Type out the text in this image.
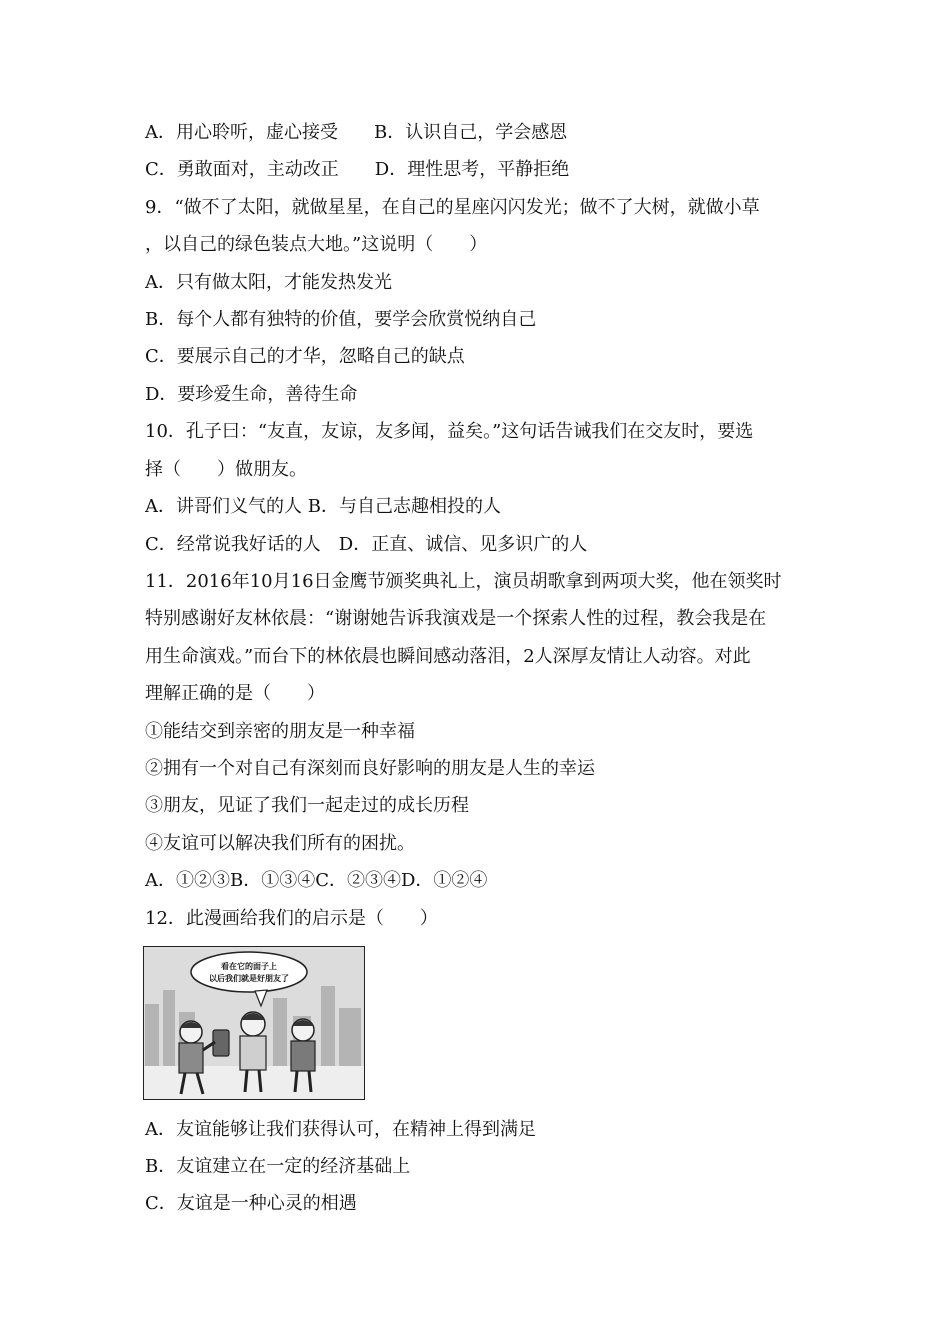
A．用心聆听，虚心接受　　B．认识自己，学会感恩
C．勇敢面对，主动改正　　D．理性思考，平静拒绝
9．“做不了太阳，就做星星，在自己的星座闪闪发光；做不了大树，就做小草
，以自己的绿色装点大地。”这说明（　　）
A．只有做太阳，才能发热发光
B．每个人都有独特的价值，要学会欣赏悦纳自己
C．要展示自己的才华，忽略自己的缺点
D．要珍爱生命，善待生命
10．孔子曰：“友直，友谅，友多闻，益矣。”这句话告诫我们在交友时，要选
择（　　）做朋友。
A．讲哥们义气的人 B．与自己志趣相投的人
C．经常说我好话的人　D．正直、诚信、见多识广的人
11．2016年10月16日金鹰节颁奖典礼上，演员胡歌拿到两项大奖，他在领奖时
特别感谢好友林依晨：“谢谢她告诉我演戏是一个探索人性的过程，教会我是在
用生命演戏。”而台下的林依晨也瞬间感动落泪，2人深厚友情让人动容。对此
理解正确的是（　　）
①能结交到亲密的朋友是一种幸福
②拥有一个对自己有深刻而良好影响的朋友是人生的幸运
③朋友，见证了我们一起走过的成长历程
④友谊可以解决我们所有的困扰。
A．①②③B．①③④C．②③④D．①②④
12．此漫画给我们的启示是（　　）
看在它的面子上
以后我们就是好朋友了
A．友谊能够让我们获得认可，在精神上得到满足
B．友谊建立在一定的经济基础上
C．友谊是一种心灵的相遇
